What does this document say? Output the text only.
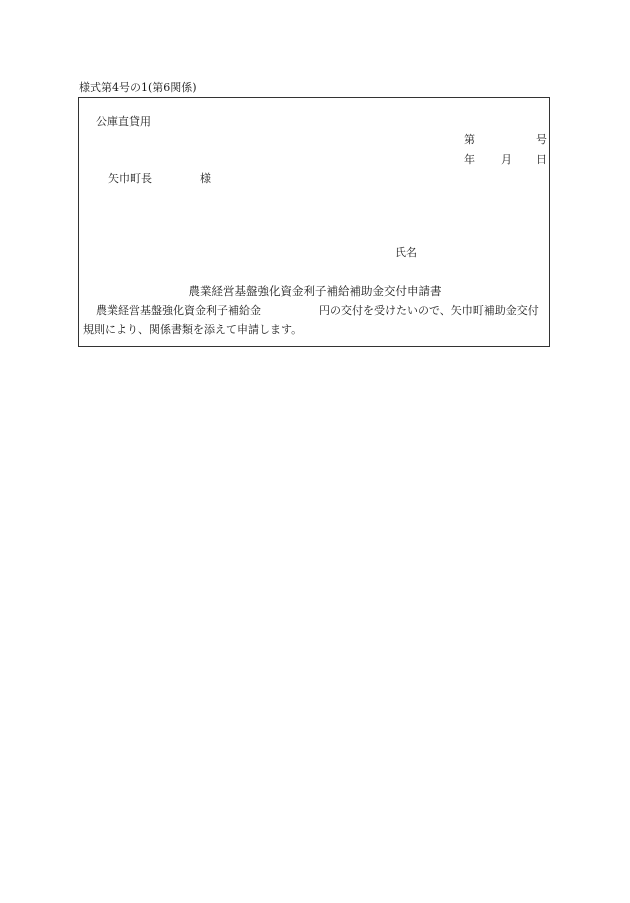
様式第4号の1(第6関係)
公庫直貸用
第	号
年 月 日
矢巾町長	様
氏名
農業経営基盤強化資金利子補給補助金交付申請書
農業経営基盤強化資金利子補給金	円の交付を受けたいので、矢巾町補助金交付
規則により、関係書類を添えて申請します。
